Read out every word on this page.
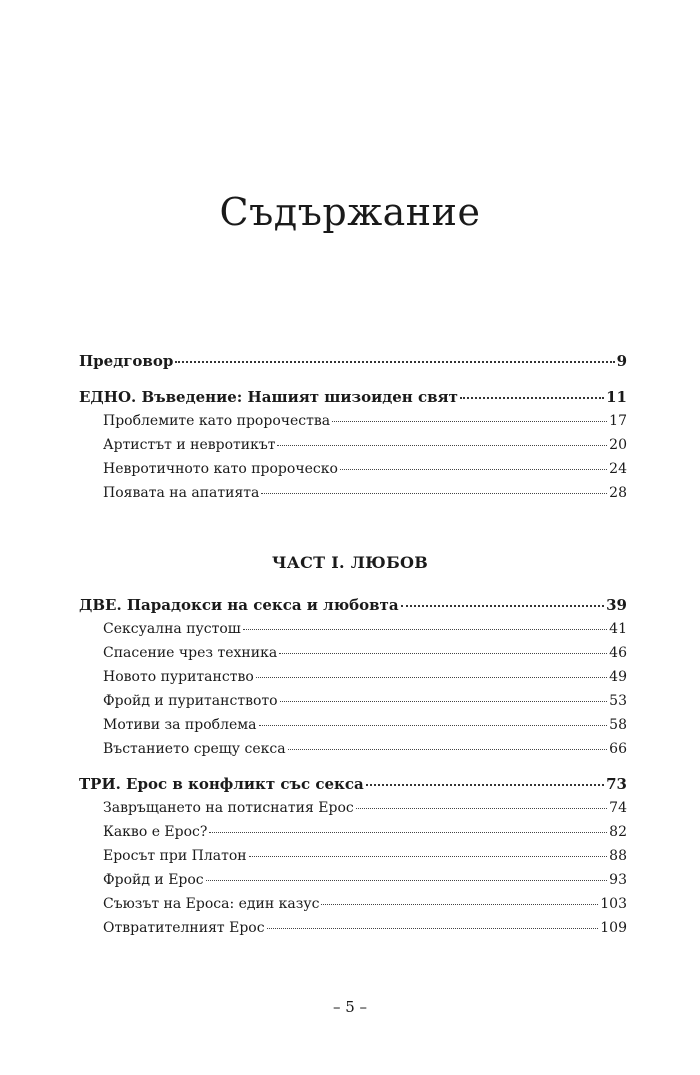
Съдържание
Предговор	9
ЕДНО. Въведение: Нашият шизоиден свят	11
Проблемите като пророчества	17
Артистът и невротикът	20
Невротичното като пророческо	24
Появата на апатията	28
ДВЕ. Парадокси на секса и любовта	39
Сексуална пустош	41
Спасение чрез техника	46
Новото пуританство	49
Фройд и пуританството	53
Мотиви за проблема	58
Въстанието срещу секса	66
ТРИ. Ерос в конфликт със секса	73
Завръщането на потиснатия Ерос	74
Какво е Ерос?	82
Еросът при Платон	88
Фройд и Ерос	93
Съюзът на Ероса: един казус	103
Отвратителният Ерос	109
ЧАСТ I. ЛЮБОВ
– 5 –
